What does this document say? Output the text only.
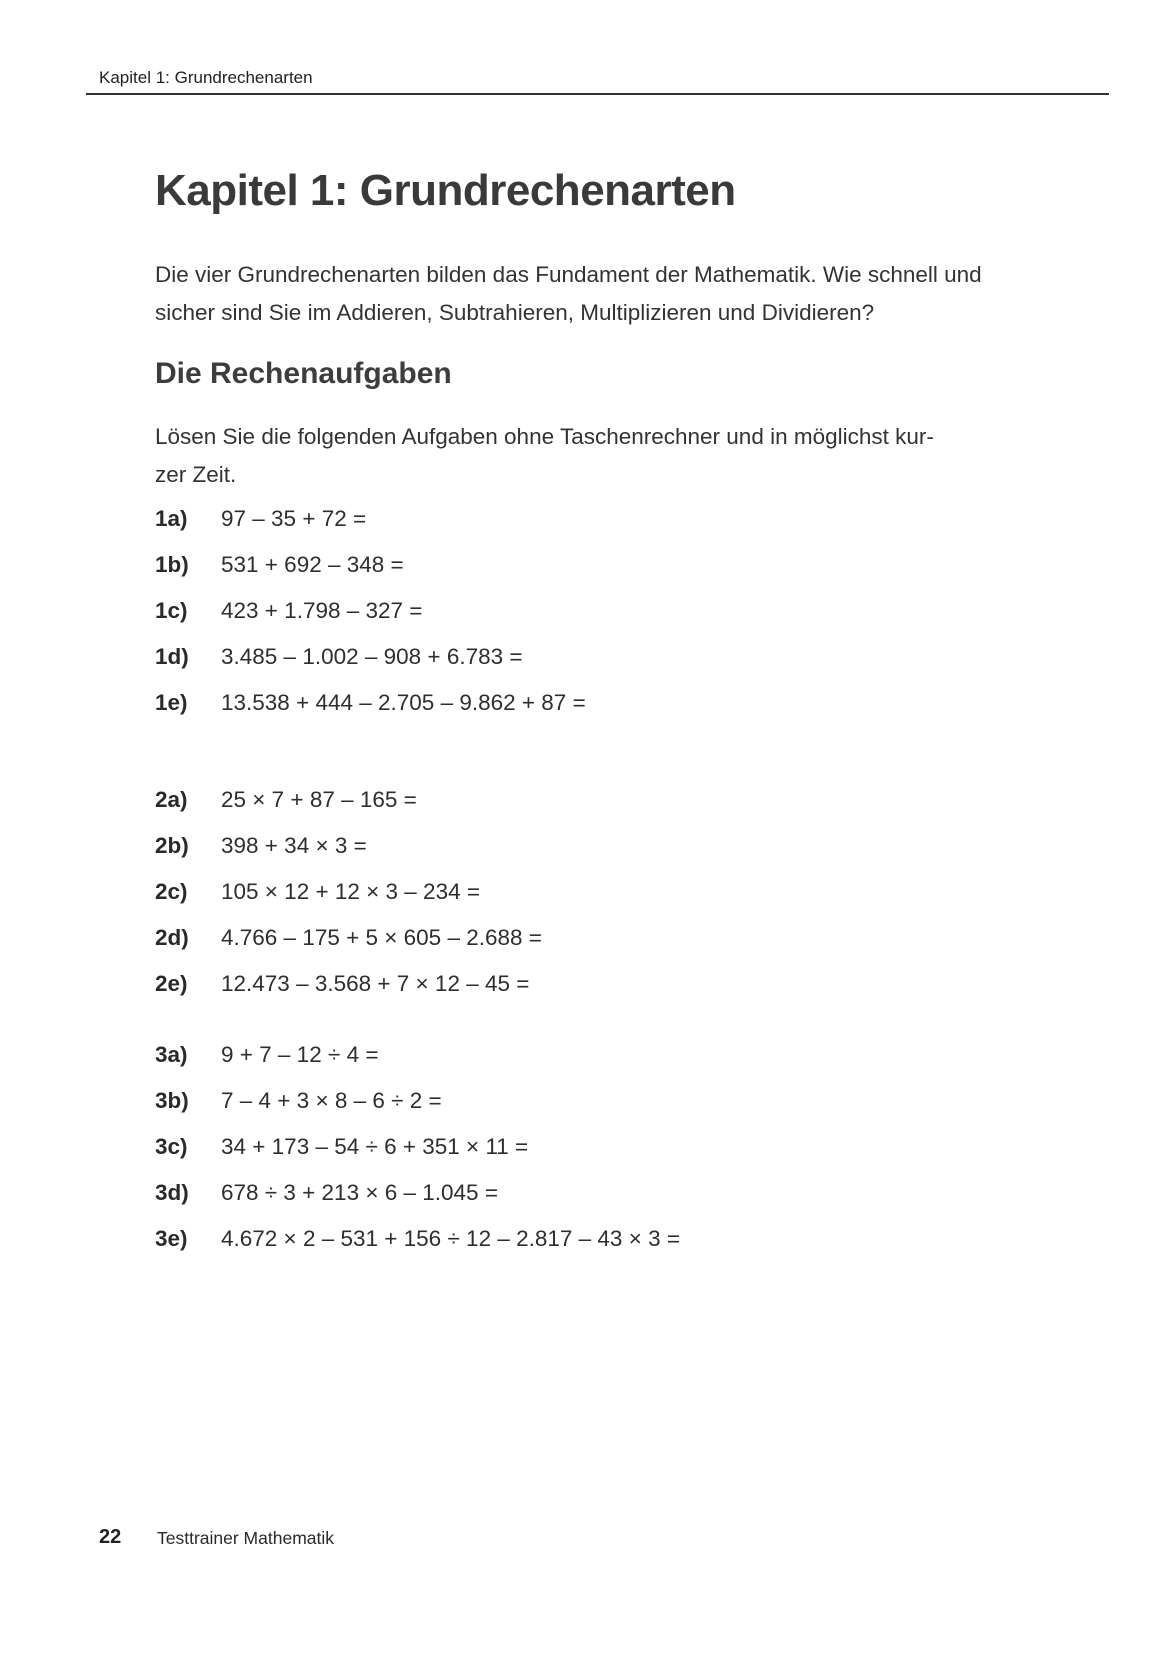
Kapitel 1: Grundrechenarten
Kapitel 1: Grundrechenarten

Die vier Grundrechenarten bilden das Fundament der Mathematik. Wie schnell und sicher sind Sie im Addieren, Subtrahieren, Multiplizieren und Dividieren?

Die Rechenaufgaben

Lösen Sie die folgenden Aufgaben ohne Taschenrechner und in möglichst kur-
zer Zeit.

1a) 97 – 35 + 72 =
1b) 531 + 692 – 348 =
1c) 423 + 1.798 – 327 =
1d) 3.485 – 1.002 – 908 + 6.783 =
1e) 13.538 + 444 – 2.705 – 9.862 + 87 =
2a) 25 × 7 + 87 – 165 =
2b) 398 + 34 × 3 =
2c) 105 × 12 + 12 × 3 – 234 =
2d) 4.766 – 175 + 5 × 605 – 2.688 =
2e) 12.473 – 3.568 + 7 × 12 – 45 =
3a) 9 + 7 – 12 ÷ 4 =
3b) 7 – 4 + 3 × 8 – 6 ÷ 2 =
3c) 34 + 173 – 54 ÷ 6 + 351 × 11 =
3d) 678 ÷ 3 + 213 × 6 – 1.045 =
3e) 4.672 × 2 – 531 + 156 ÷ 12 – 2.817 – 43 × 3 =
22 Testtrainer Mathematik
